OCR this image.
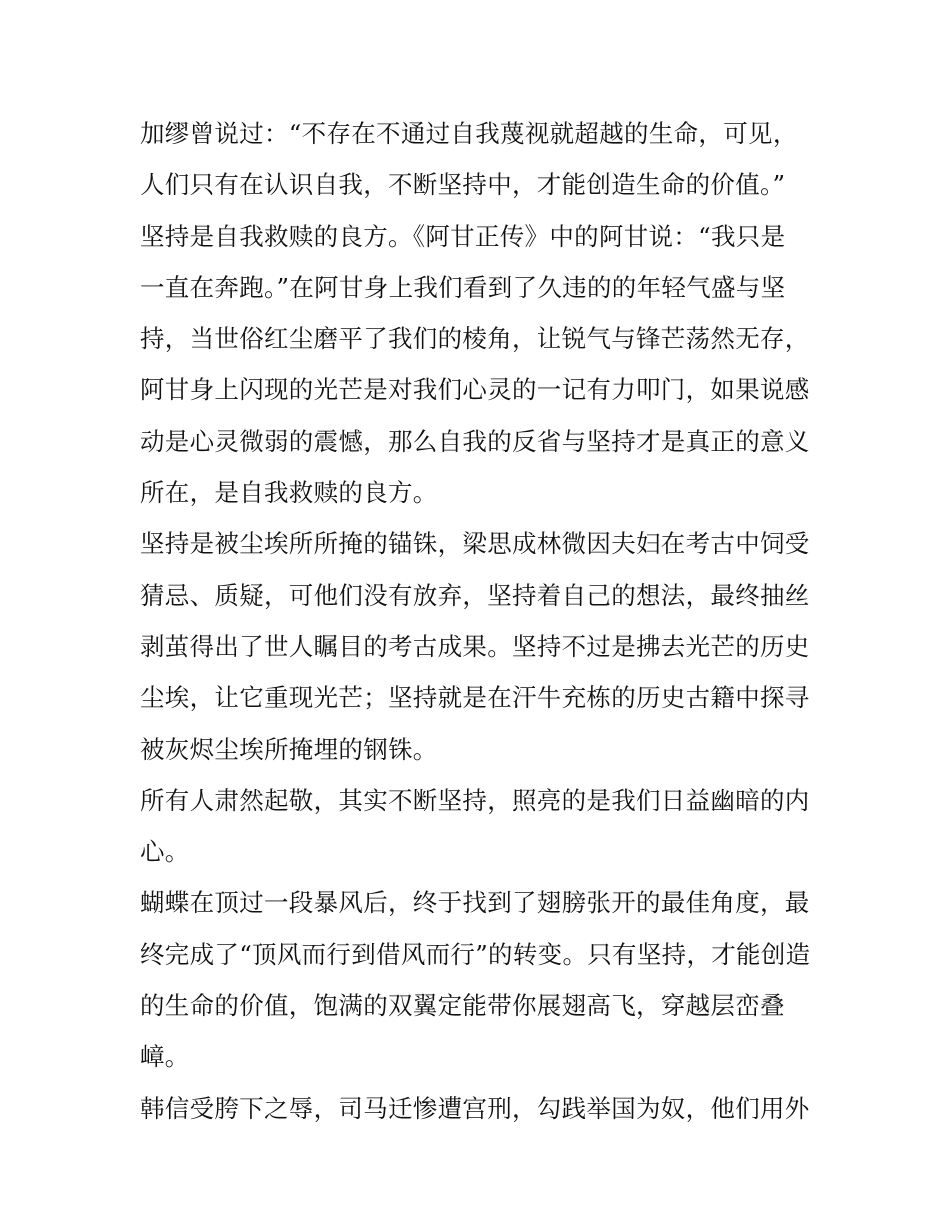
加缪曾说过：“不存在不通过自我蔑视就超越的生命，可见，
人们只有在认识自我，不断坚持中，才能创造生命的价值。”
坚持是自我救赎的良方。《阿甘正传》中的阿甘说：“我只是
一直在奔跑。”在阿甘身上我们看到了久违的的年轻气盛与坚
持，当世俗红尘磨平了我们的棱角，让锐气与锋芒荡然无存，
阿甘身上闪现的光芒是对我们心灵的一记有力叩门，如果说感
动是心灵微弱的震憾，那么自我的反省与坚持才是真正的意义
所在，是自我救赎的良方。
坚持是被尘埃所所掩的锚铢，梁思成林微因夫妇在考古中饲受
猜忌、质疑，可他们没有放弃，坚持着自己的想法，最终抽丝
剥茧得出了世人瞩目的考古成果。坚持不过是拂去光芒的历史
尘埃，让它重现光芒；坚持就是在汗牛充栋的历史古籍中探寻
被灰烬尘埃所掩埋的钢铢。
所有人肃然起敬，其实不断坚持，照亮的是我们日益幽暗的内
心。
蝴蝶在顶过一段暴风后，终于找到了翅膀张开的最佳角度，最
终完成了“顶风而行到借风而行”的转变。只有坚持，才能创造
的生命的价值，饱满的双翼定能带你展翅高飞，穿越层峦叠
嶂。
韩信受胯下之辱，司马迁惨遭宫刑，勾践举国为奴，他们用外
